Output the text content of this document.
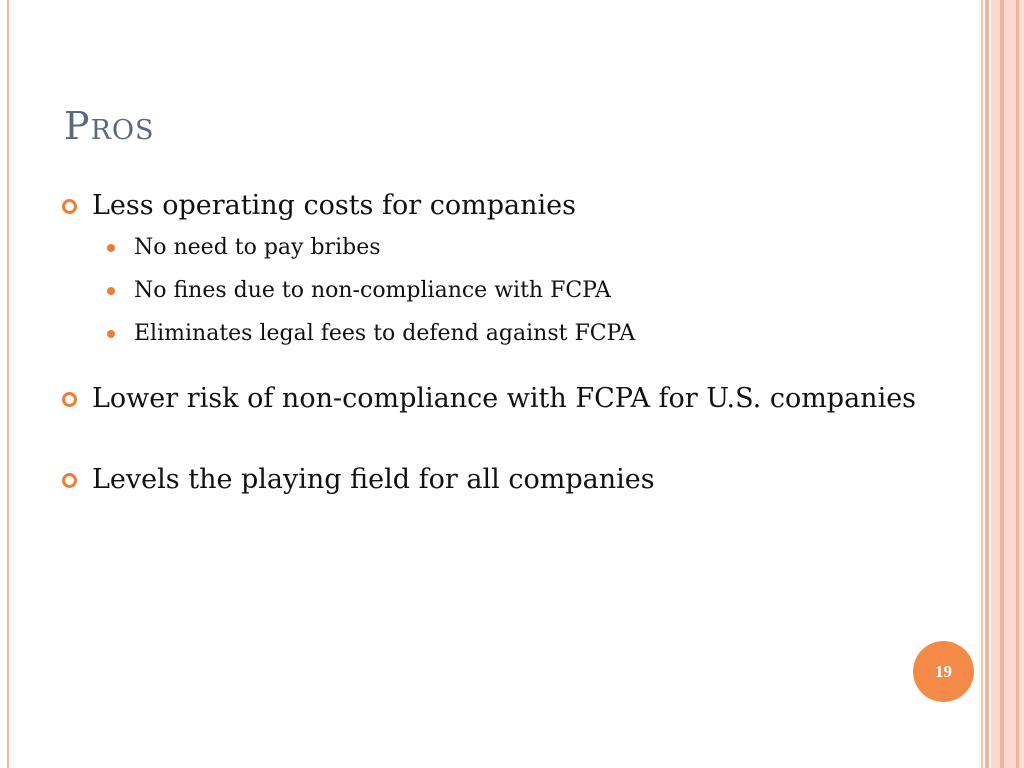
Pros
Less operating costs for companies
No need to pay bribes
No fines due to non-compliance with FCPA
Eliminates legal fees to defend against FCPA
Lower risk of non-compliance with FCPA for U.S. companies
Levels the playing field for all companies
19
